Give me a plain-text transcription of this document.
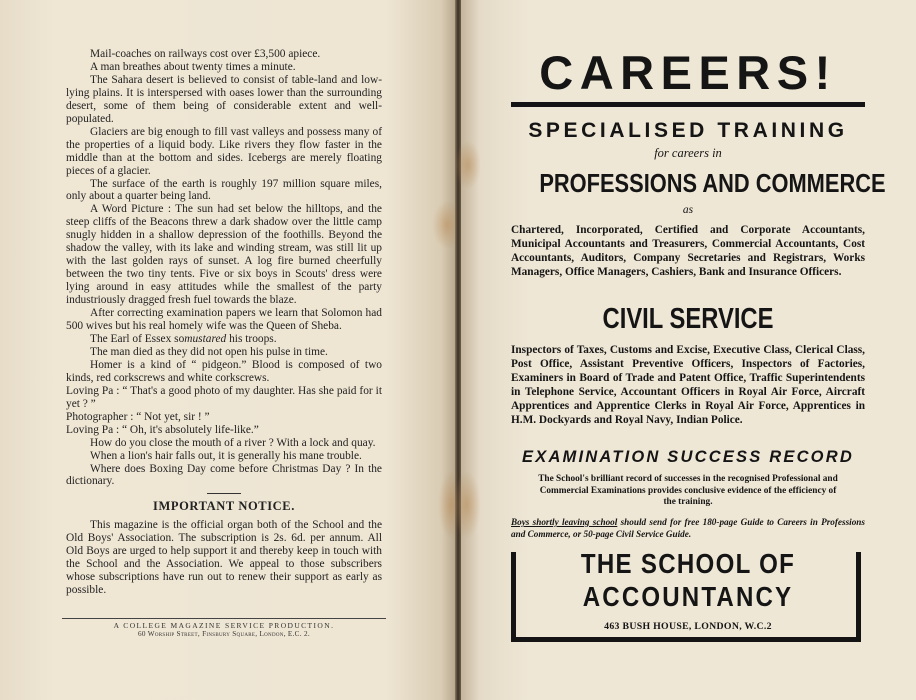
Mail-coaches on railways cost over £3,500 apiece.

A man breathes about twenty times a minute.

The Sahara desert is believed to consist of table-land and low-lying plains. It is interspersed with oases lower than the surrounding desert, some of them being of considerable extent and well-populated.

Glaciers are big enough to fill vast valleys and possess many of the properties of a liquid body. Like rivers they flow faster in the middle than at the bottom and sides. Icebergs are merely floating pieces of a glacier.

The surface of the earth is roughly 197 million square miles, only about a quarter being land.

A Word Picture : The sun had set below the hilltops, and the steep cliffs of the Beacons threw a dark shadow over the little camp snugly hidden in a shallow depression of the foothills. Beyond the shadow the valley, with its lake and winding stream, was still lit up with the last golden rays of sunset. A log fire burned cheerfully between the two tiny tents. Five or six boys in Scouts' dress were lying around in easy attitudes while the smallest of the party industriously dragged fresh fuel towards the blaze.

After correcting examination papers we learn that Solomon had 500 wives but his real homely wife was the Queen of Sheba.

The Earl of Essex somustared his troops.

The man died as they did not open his pulse in time.

Homer is a kind of “ pidgeon.” Blood is composed of two kinds, red corkscrews and white corkscrews.

Loving Pa : “ That's a good photo of my daughter. Has she paid for it yet ? ”

Photographer : “ Not yet, sir ! ”

Loving Pa : “ Oh, it's absolutely life-like.”

How do you close the mouth of a river ? With a lock and quay.

When a lion's hair falls out, it is generally his mane trouble.

Where does Boxing Day come before Christmas Day ? In the dictionary.

IMPORTANT NOTICE.

This magazine is the official organ both of the School and the Old Boys' Association. The subscription is 2s. 6d. per annum. All Old Boys are urged to help support it and thereby keep in touch with the School and the Association. We appeal to those subscribers whose subscriptions have run out to renew their support as early as possible.

A COLLEGE MAGAZINE SERVICE PRODUCTION.
60 Worship Street, Finsbury Square, London, E.C. 2.
CAREERS!
SPECIALISED TRAINING
for careers in
PROFESSIONS AND COMMERCE
as
Chartered, Incorporated, Certified and Corporate Accountants, Municipal Accountants and Treasurers, Commercial Accountants, Cost Accountants, Auditors, Company Secretaries and Registrars, Works Managers, Office Managers, Cashiers, Bank and Insurance Officers.
CIVIL SERVICE
Inspectors of Taxes, Customs and Excise, Executive Class, Clerical Class, Post Office, Assistant Preventive Officers, Inspectors of Factories, Examiners in Board of Trade and Patent Office, Traffic Superintendents in Telephone Service, Accountant Officers in Royal Air Force, Aircraft Apprentices and Apprentice Clerks in Royal Air Force, Apprentices in H.M. Dockyards and Royal Navy, Indian Police.
EXAMINATION SUCCESS RECORD
The School's brilliant record of successes in the recognised Professional and Commercial Examinations provides conclusive evidence of the efficiency of the training.
Boys shortly leaving school should send for free 180-page Guide to Careers in Professions and Commerce, or 50-page Civil Service Guide.
THE SCHOOL OF
ACCOUNTANCY
463 BUSH HOUSE, LONDON, W.C.2
